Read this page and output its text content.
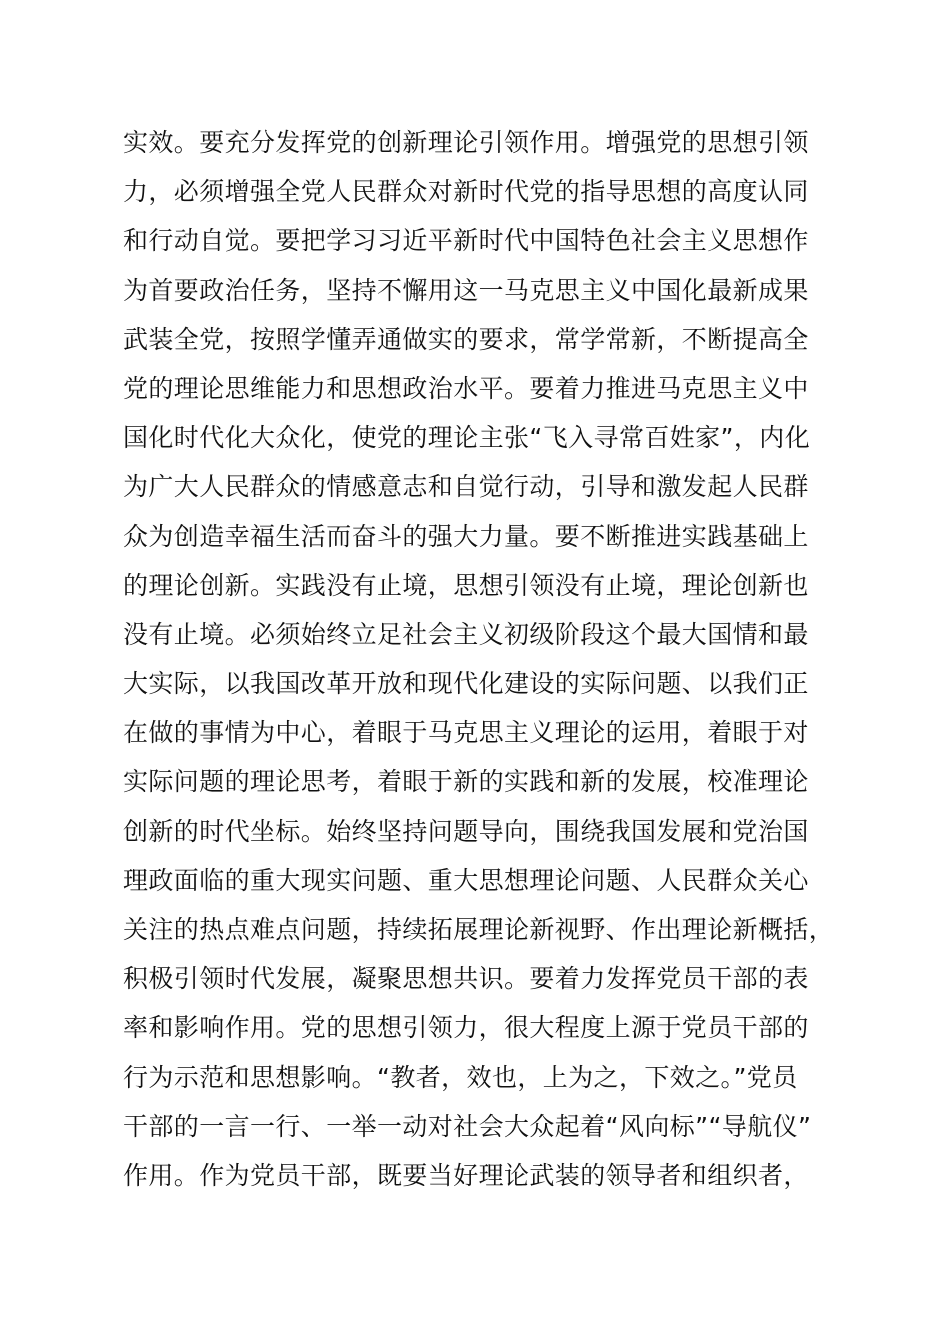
实效。要充分发挥党的创新理论引领作用。增强党的思想引领
力，必须增强全党人民群众对新时代党的指导思想的高度认同
和行动自觉。要把学习习近平新时代中国特色社会主义思想作
为首要政治任务，坚持不懈用这一马克思主义中国化最新成果
武装全党，按照学懂弄通做实的要求，常学常新，不断提高全
党的理论思维能力和思想政治水平。要着力推进马克思主义中
国化时代化大众化，使党的理论主张“飞入寻常百姓家”，内化
为广大人民群众的情感意志和自觉行动，引导和激发起人民群
众为创造幸福生活而奋斗的强大力量。要不断推进实践基础上
的理论创新。实践没有止境，思想引领没有止境，理论创新也
没有止境。必须始终立足社会主义初级阶段这个最大国情和最
大实际，以我国改革开放和现代化建设的实际问题、以我们正
在做的事情为中心，着眼于马克思主义理论的运用，着眼于对
实际问题的理论思考，着眼于新的实践和新的发展，校准理论
创新的时代坐标。始终坚持问题导向，围绕我国发展和党治国
理政面临的重大现实问题、重大思想理论问题、人民群众关心
关注的热点难点问题，持续拓展理论新视野、作出理论新概括，
积极引领时代发展，凝聚思想共识。要着力发挥党员干部的表
率和影响作用。党的思想引领力，很大程度上源于党员干部的
行为示范和思想影响。“教者，效也，上为之，下效之。”党员
干部的一言一行、一举一动对社会大众起着“风向标”“导航仪”
作用。作为党员干部，既要当好理论武装的领导者和组织者，
